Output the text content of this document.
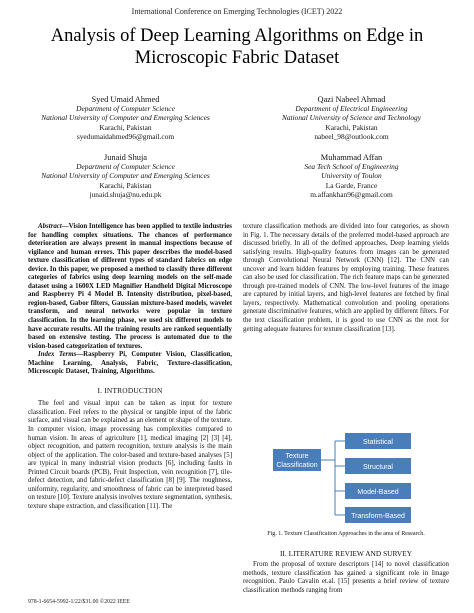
International Conference on Emerging Technologies (ICET) 2022
Analysis of Deep Learning Algorithms on Edge in
Microscopic Fabric Dataset
Syed Umaid Ahmed
Department of Computer Science
National University of Computer and Emerging Sciences
Karachi, Pakistan
syedumaidahmed96@gmail.com
Qazi Nabeel Ahmad
Department of Electrical Engineering
National University of Science and Technology
Karachi, Pakistan
nabeel_98@outlook.com
Junaid Shuja
Department of Computer Science
National University of Computer and Emerging Sciences
Karachi, Pakistan
junaid.shuja@nu.edu.pk
Muhammad Affan
Sea Tech School of Engineering
University of Toulon
La Garde, France
m.affankhan96@gmail.com

Abstract—Vision Intelligence has been applied to textile industries for handling complex situations. The chances of performance deterioration are always present in manual inspections because of vigilance and human errors. This paper describes the model-based texture classification of different types of standard fabrics on edge device. In this paper, we proposed a method to classify three different categories of fabrics using deep learning models on the self-made dataset using a 1600X LED Magnifier Handheld Digital Microscope and Raspberry Pi 4 Model B. Intensity distribution, pixel-based, region-based, Gabor filters, Gaussian mixture-based models, wavelet transform, and neural networks were popular in texture classification. In the learning phase, we used six different models to have accurate results. All the training results are ranked sequentially based on extensive testing. The process is automated due to the vision-based categorization of textures.

Index Terms—Raspberry Pi, Computer Vision, Classification, Machine Learning, Analysis, Fabric, Texture-classification, Microscopic Dataset, Training, Algorithms.

I. INTRODUCTION

The feel and visual input can be taken as input for texture classification. Feel refers to the physical or tangible input of the fabric surface, and visual can be explained as an element or shape of the texture. In computer vision, image processing has complexities compared to human vision. In areas of agriculture [1], medical imaging [2] [3] [4], object recognition, and pattern recognition, texture analysis is the main object of the application. The color-based and texture-based analyses [5] are typical in many industrial vision products [6], including faults in Printed Circuit boards (PCB), Fruit Inspection, vein recognition [7], tile-defect detection, and fabric-defect classification [8] [9]. The roughness, uniformity, regularity, and smoothness of fabric can be interpreted based on texture [10]. Texture analysis involves texture segmentation, synthesis, texture shape extraction, and classification [11]. The

texture classification methods are divided into four categories, as shown in Fig. 1. The necessary details of the preferred model-based approach are discussed briefly. In all of the defined approaches, Deep learning yields satisfying results. High-quality features from images can be generated through Convolutional Neural Network (CNN) [12]. The CNN can uncover and learn hidden features by employing training. These features can also be used for classification. The rich feature maps can be generated through pre-trained models of CNN. The low-level features of the image are captured by initial layers, and high-level features are fetched by final layers, respectively. Mathematical convolution and pooling operations generate discriminative features, which are applied by different filters. For the text classification problem, it is good to use CNN as the root for getting adequate features for texture classification [13].

Texture
Classification
Statistical
Structural
Model-Based
Transform-Based
Fig. 1. Texture Classification Approaches in the area of Research.
II. LITERATURE REVIEW AND SURVEY

From the proposal of texture descriptors [14] to novel classification methods, texture classification has gained a significant role in Image recognition. Paulo Cavalin et.al. [15] presents a brief review of texture classification methods ranging from

978-1-6654-5992-1/22/$31.00 ©2022 IEEE
